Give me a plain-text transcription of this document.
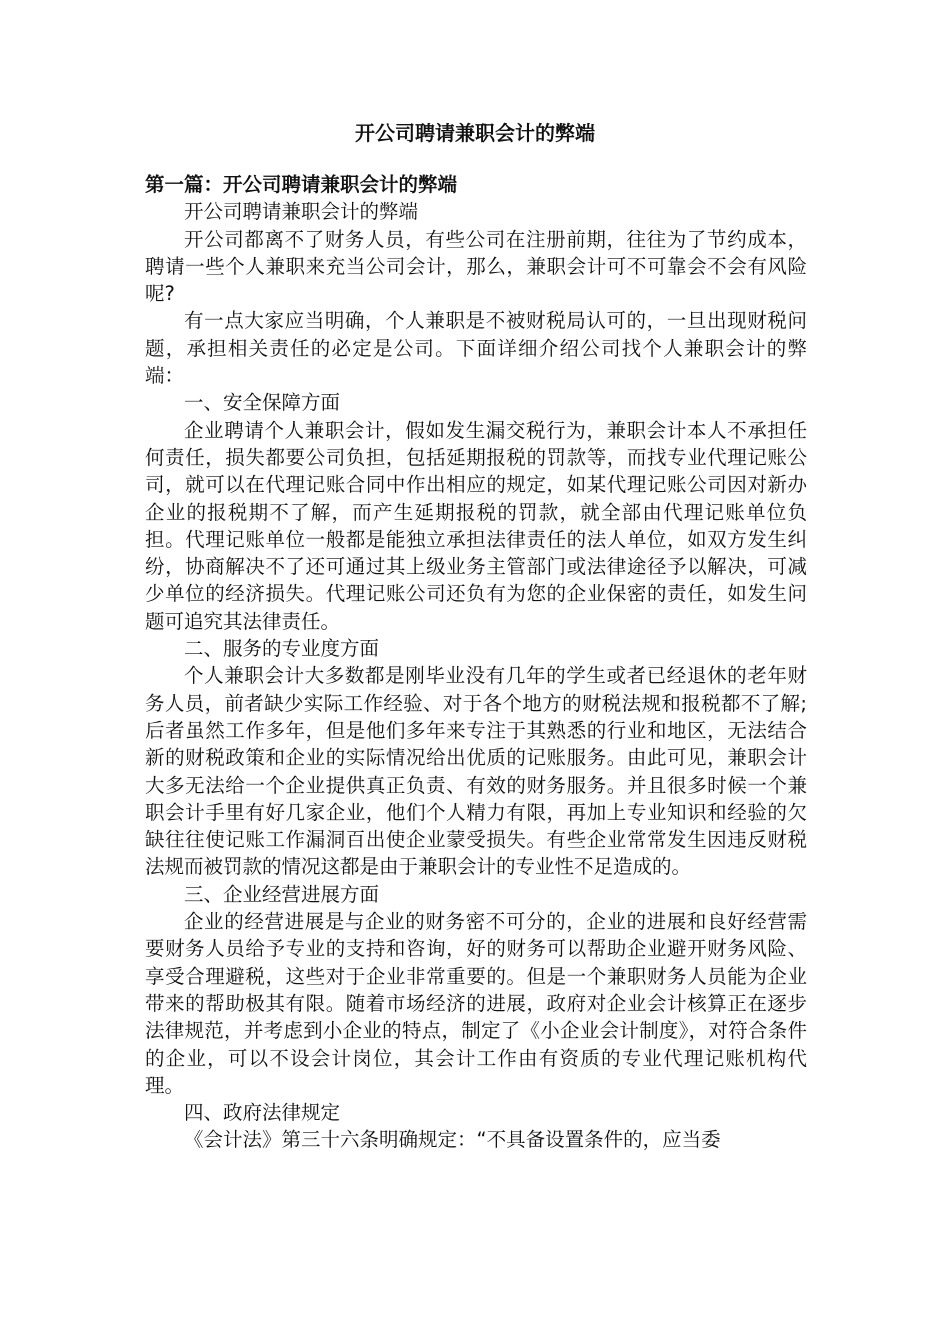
开公司聘请兼职会计的弊端

第一篇：开公司聘请兼职会计的弊端

开公司聘请兼职会计的弊端

开公司都离不了财务人员，有些公司在注册前期，往往为了节约成本，聘请一些个人兼职来充当公司会计，那么，兼职会计可不可靠会不会有风险呢?

有一点大家应当明确，个人兼职是不被财税局认可的，一旦出现财税问题，承担相关责任的必定是公司。下面详细介绍公司找个人兼职会计的弊端：

一、安全保障方面

企业聘请个人兼职会计，假如发生漏交税行为，兼职会计本人不承担任何责任，损失都要公司负担，包括延期报税的罚款等，而找专业代理记账公司，就可以在代理记账合同中作出相应的规定，如某代理记账公司因对新办企业的报税期不了解，而产生延期报税的罚款，就全部由代理记账单位负担。代理记账单位一般都是能独立承担法律责任的法人单位，如双方发生纠纷，协商解决不了还可通过其上级业务主管部门或法律途径予以解决，可减少单位的经济损失。代理记账公司还负有为您的企业保密的责任，如发生问题可追究其法律责任。

二、服务的专业度方面

个人兼职会计大多数都是刚毕业没有几年的学生或者已经退休的老年财务人员，前者缺少实际工作经验、对于各个地方的财税法规和报税都不了解;后者虽然工作多年，但是他们多年来专注于其熟悉的行业和地区，无法结合新的财税政策和企业的实际情况给出优质的记账服务。由此可见，兼职会计大多无法给一个企业提供真正负责、有效的财务服务。并且很多时候一个兼职会计手里有好几家企业，他们个人精力有限，再加上专业知识和经验的欠缺往往使记账工作漏洞百出使企业蒙受损失。有些企业常常发生因违反财税法规而被罚款的情况这都是由于兼职会计的专业性不足造成的。

三、企业经营进展方面

企业的经营进展是与企业的财务密不可分的，企业的进展和良好经营需要财务人员给予专业的支持和咨询，好的财务可以帮助企业避开财务风险、享受合理避税，这些对于企业非常重要的。但是一个兼职财务人员能为企业带来的帮助极其有限。随着市场经济的进展，政府对企业会计核算正在逐步法律规范，并考虑到小企业的特点，制定了《小企业会计制度》，对符合条件的企业，可以不设会计岗位，其会计工作由有资质的专业代理记账机构代理。

四、政府法律规定

《会计法》第三十六条明确规定：“不具备设置条件的，应当委
